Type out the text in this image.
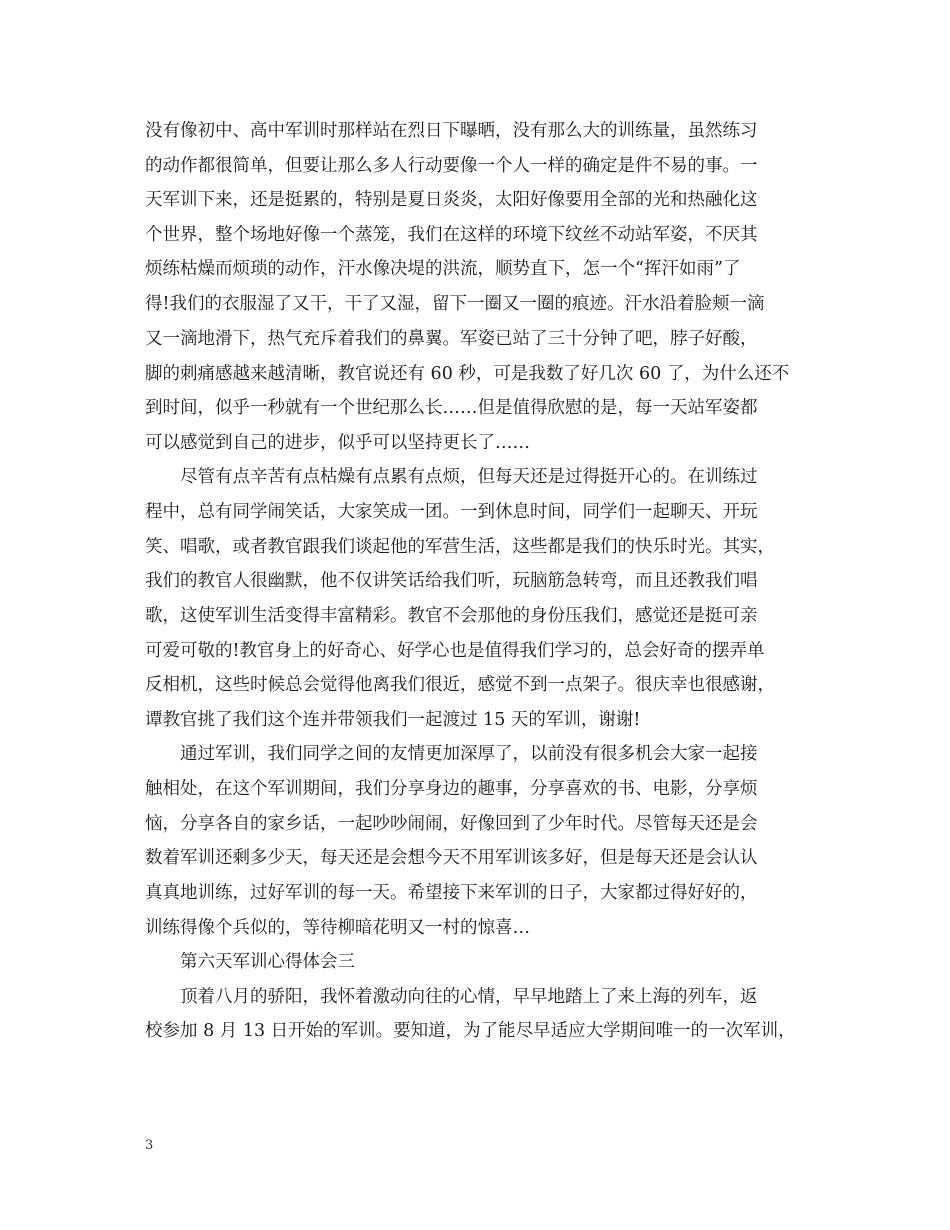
没有像初中、高中军训时那样站在烈日下曝晒，没有那么大的训练量，虽然练习
的动作都很简单，但要让那么多人行动要像一个人一样的确定是件不易的事。一
天军训下来，还是挺累的，特别是夏日炎炎，太阳好像要用全部的光和热融化这
个世界，整个场地好像一个蒸笼，我们在这样的环境下纹丝不动站军姿，不厌其
烦练枯燥而烦琐的动作，汗水像决堤的洪流，顺势直下，怎一个“挥汗如雨”了
得!我们的衣服湿了又干，干了又湿，留下一圈又一圈的痕迹。汗水沿着脸颊一滴
又一滴地滑下，热气充斥着我们的鼻翼。军姿已站了三十分钟了吧，脖子好酸，
脚的刺痛感越来越清晰，教官说还有 60 秒，可是我数了好几次 60 了，为什么还不
到时间，似乎一秒就有一个世纪那么长……但是值得欣慰的是，每一天站军姿都
可以感觉到自己的进步，似乎可以坚持更长了……
尽管有点辛苦有点枯燥有点累有点烦，但每天还是过得挺开心的。在训练过
程中，总有同学闹笑话，大家笑成一团。一到休息时间，同学们一起聊天、开玩
笑、唱歌，或者教官跟我们谈起他的军营生活，这些都是我们的快乐时光。其实，
我们的教官人很幽默，他不仅讲笑话给我们听，玩脑筋急转弯，而且还教我们唱
歌，这使军训生活变得丰富精彩。教官不会那他的身份压我们，感觉还是挺可亲
可爱可敬的!教官身上的好奇心、好学心也是值得我们学习的，总会好奇的摆弄单
反相机，这些时候总会觉得他离我们很近，感觉不到一点架子。很庆幸也很感谢，
谭教官挑了我们这个连并带领我们一起渡过 15 天的军训，谢谢!
通过军训，我们同学之间的友情更加深厚了，以前没有很多机会大家一起接
触相处，在这个军训期间，我们分享身边的趣事，分享喜欢的书、电影，分享烦
恼，分享各自的家乡话，一起吵吵闹闹，好像回到了少年时代。尽管每天还是会
数着军训还剩多少天，每天还是会想今天不用军训该多好，但是每天还是会认认
真真地训练，过好军训的每一天。希望接下来军训的日子，大家都过得好好的，
训练得像个兵似的，等待柳暗花明又一村的惊喜…
第六天军训心得体会三
顶着八月的骄阳，我怀着激动向往的心情，早早地踏上了来上海的列车，返
校参加 8 月 13 日开始的军训。要知道，为了能尽早适应大学期间唯一的一次军训，
3
